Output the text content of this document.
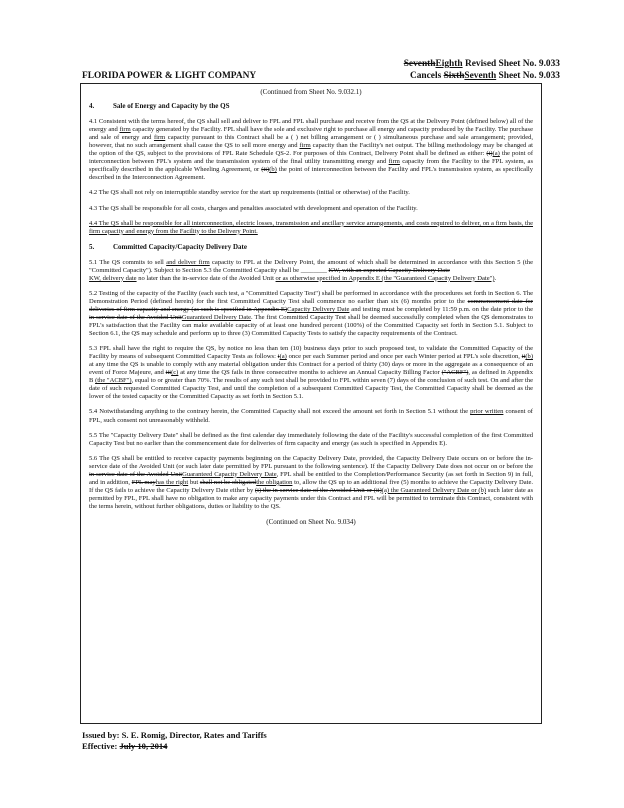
SeventhEighth Revised Sheet No. 9.033
Cancels SixthSeventh Sheet No. 9.033
FLORIDA POWER & LIGHT COMPANY
(Continued from Sheet No. 9.032.1)
4.	Sale of Energy and Capacity by the QS

4.1 Consistent with the terms hereof, the QS shall sell and deliver to FPL and FPL shall purchase and receive from the QS at the Delivery Point (defined below) all of the energy and firm capacity generated by the Facility. FPL shall have the sole and exclusive right to purchase all energy and capacity produced by the Facility. The purchase and sale of energy and firm capacity pursuant to this Contract shall be a ( ) net billing arrangement or ( ) simultaneous purchase and sale arrangement; provided, however, that no such arrangement shall cause the QS to sell more energy and firm capacity than the Facility's net output. The billing methodology may be changed at the option of the QS, subject to the provisions of FPL Rate Schedule QS-2. For purposes of this Contract, Delivery Point shall be defined as either: (i)(a) the point of interconnection between FPL's system and the transmission system of the final utility transmitting energy and firm capacity from the Facility to the FPL system, as specifically described in the applicable Wheeling Agreement, or (ii)(b) the point of interconnection between the Facility and FPL's transmission system, as specifically described in the Interconnection Agreement.

4.2 The QS shall not rely on interruptible standby service for the start up requirements (initial or otherwise) of the Facility.

4.3 The QS shall be responsible for all costs, charges and penalties associated with development and operation of the Facility.

4.4 The QS shall be responsible for all interconnection, electric losses, transmission and ancillary service arrangements, and costs required to deliver, on a firm basis, the firm capacity and energy from the Facility to the Delivery Point.

5.	Committed Capacity/Capacity Delivery Date

5.1 The QS commits to sell and deliver firm capacity to FPL at the Delivery Point, the amount of which shall be determined in accordance with this Section 5 (the "Committed Capacity"). Subject to Section 5.3 the Committed Capacity shall be ________ KW, with an expected Capacity Delivery Date
KW, delivery date no later than the in-service date of the Avoided Unit or as otherwise specified in Appendix E (the "Guaranteed Capacity Delivery Date").

5.2 Testing of the capacity of the Facility (each such test, a "Committed Capacity Test") shall be performed in accordance with the procedures set forth in Section 6. The Demonstration Period (defined herein) for the first Committed Capacity Test shall commence no earlier than six (6) months prior to the commencement date for deliveries of firm capacity and energy (as such is specified in Appendix E)Capacity Delivery Date and testing must be completed by 11:59 p.m. on the date prior to the in-service date of the Avoided UnitGuaranteed Delivery Date. The first Committed Capacity Test shall be deemed successfully completed when the QS demonstrates to FPL's satisfaction that the Facility can make available capacity of at least one hundred percent (100%) of the Committed Capacity set forth in Section 5.1. Subject to Section 6.1, the QS may schedule and perform up to three (3) Committed Capacity Tests to satisfy the capacity requirements of the Contract.

5.3 FPL shall have the right to require the QS, by notice no less than ten (10) business days prior to such proposed test, to validate the Committed Capacity of the Facility by means of subsequent Committed Capacity Tests as follows: i(a) once per each Summer period and once per each Winter period at FPL's sole discretion, ii(b) at any time the QS is unable to comply with any material obligation under this Contract for a period of thirty (30) days or more in the aggregate as a consequence of an event of Force Majeure, and iii(c) at any time the QS fails in three consecutive months to achieve an Annual Capacity Billing Factor ("ACBF"), as defined in Appendix B (the "ACBF"), equal to or greater than 70%. The results of any such test shall be provided to FPL within seven (7) days of the conclusion of such test. On and after the date of such requested Committed Capacity Test, and until the completion of a subsequent Committed Capacity Test, the Committed Capacity shall be deemed as the lower of the tested capacity or the Committed Capacity as set forth in Section 5.1.

5.4 Notwithstanding anything to the contrary herein, the Committed Capacity shall not exceed the amount set forth in Section 5.1 without the prior written consent of FPL, such consent not unreasonably withheld.

5.5 The "Capacity Delivery Date" shall be defined as the first calendar day immediately following the date of the Facility's successful completion of the first Committed Capacity Test but no earlier than the commencement date for deliveries of firm capacity and energy (as such is specified in Appendix E).

5.6 The QS shall be entitled to receive capacity payments beginning on the Capacity Delivery Date, provided, the Capacity Delivery Date occurs on or before the in-service date of the Avoided Unit (or such later date permitted by FPL pursuant to the following sentence). If the Capacity Delivery Date does not occur on or before the in-service date of the Avoided UnitGuaranteed Capacity Delivery Date, FPL shall be entitled to the Completion/Performance Security (as set forth in Section 9) in full, and in addition, FPL mayhas the right but shall not be obligatedthe obligation to, allow the QS up to an additional five (5) months to achieve the Capacity Delivery Date. If the QS fails to achieve the Capacity Delivery Date either by (i) the in-service date of the Avoided Unit or (ii)(a) the Guaranteed Delivery Date or (b) such later date as permitted by FPL, FPL shall have no obligation to make any capacity payments under this Contract and FPL will be permitted to terminate this Contract, consistent with the terms herein, without further obligations, duties or liability to the QS.

(Continued on Sheet No. 9.034)
Issued by: S. E. Romig, Director, Rates and Tariffs
Effective: July 10, 2014
